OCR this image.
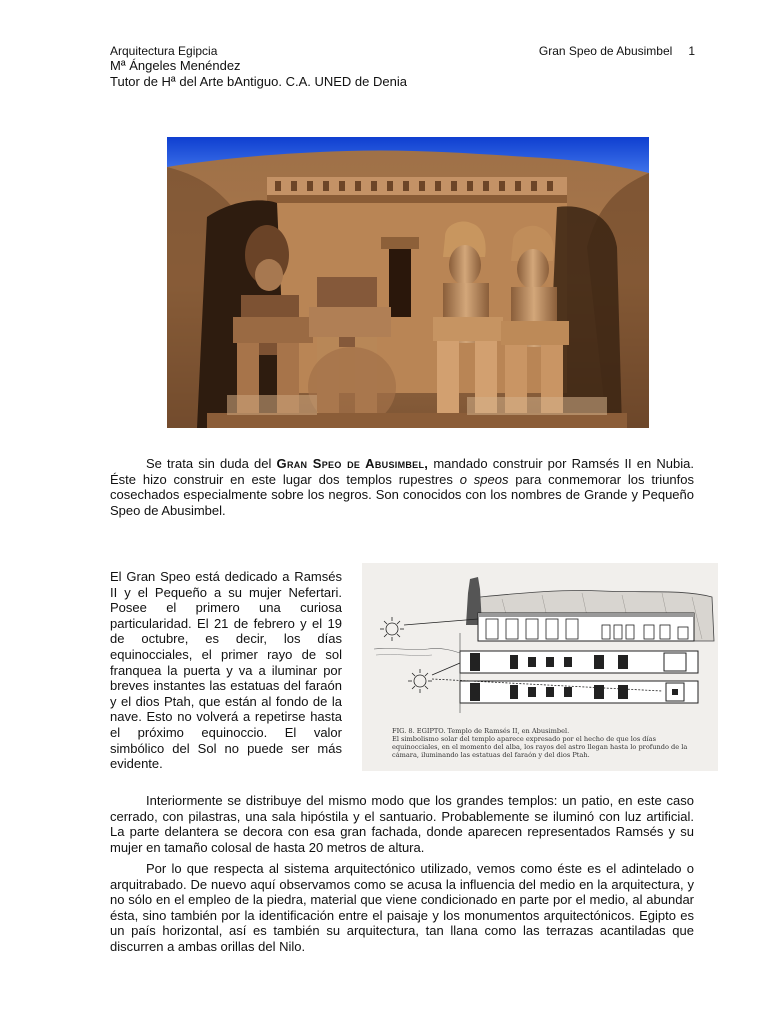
Arquitectura Egipcia	Gran Speo de Abusimbel 1
Mª Ángeles Menéndez
Tutor de Hª del Arte bAntiguo. C.A. UNED de Denia

Se trata sin duda del Gran Speo de Abusimbel, mandado construir por Ramsés II en Nubia. Éste hizo construir en este lugar dos templos rupestres o speos para conmemorar los triunfos cosechados especialmente sobre los negros. Son conocidos con los nombres de Grande y Pequeño Speo de Abusimbel.

El Gran Speo está dedicado a Ramsés II y el Pequeño a su mujer Nefertari. Posee el primero una curiosa particularidad. El 21 de febrero y el 19 de octubre, es decir, los días equinocciales, el primer rayo de sol franquea la puerta y va a iluminar por breves instantes las estatuas del faraón y el dios Ptah, que están al fondo de la nave. Esto no volverá a repetirse hasta el próximo equinoccio. El valor simbólico del Sol no puede ser más evidente.

FIG. 8. EGIPTO. Templo de Ramsés II, en Abusimbel.
El simbolismo solar del templo aparece expresado por el hecho de que los días equinocciales, en el momento del alba, los rayos del astro llegan hasta lo profundo de la cámara, iluminando las estatuas del faraón y del dios Ptah.

Interiormente se distribuye del mismo modo que los grandes templos: un patio, en este caso cerrado, con pilastras, una sala hipóstila y el santuario. Probablemente se iluminó con luz artificial. La parte delantera se decora con esa gran fachada, donde aparecen representados Ramsés y su mujer en tamaño colosal de hasta 20 metros de altura.

Por lo que respecta al sistema arquitectónico utilizado, vemos como éste es el adintelado o arquitrabado. De nuevo aquí observamos como se acusa la influencia del medio en la arquitectura, y no sólo en el empleo de la piedra, material que viene condicionado en parte por el medio, al abundar ésta, sino también por la identificación entre el paisaje y los monumentos arquitectónicos. Egipto es un país horizontal, así es también su arquitectura, tan llana como las terrazas acantiladas que discurren a ambas orillas del Nilo.
